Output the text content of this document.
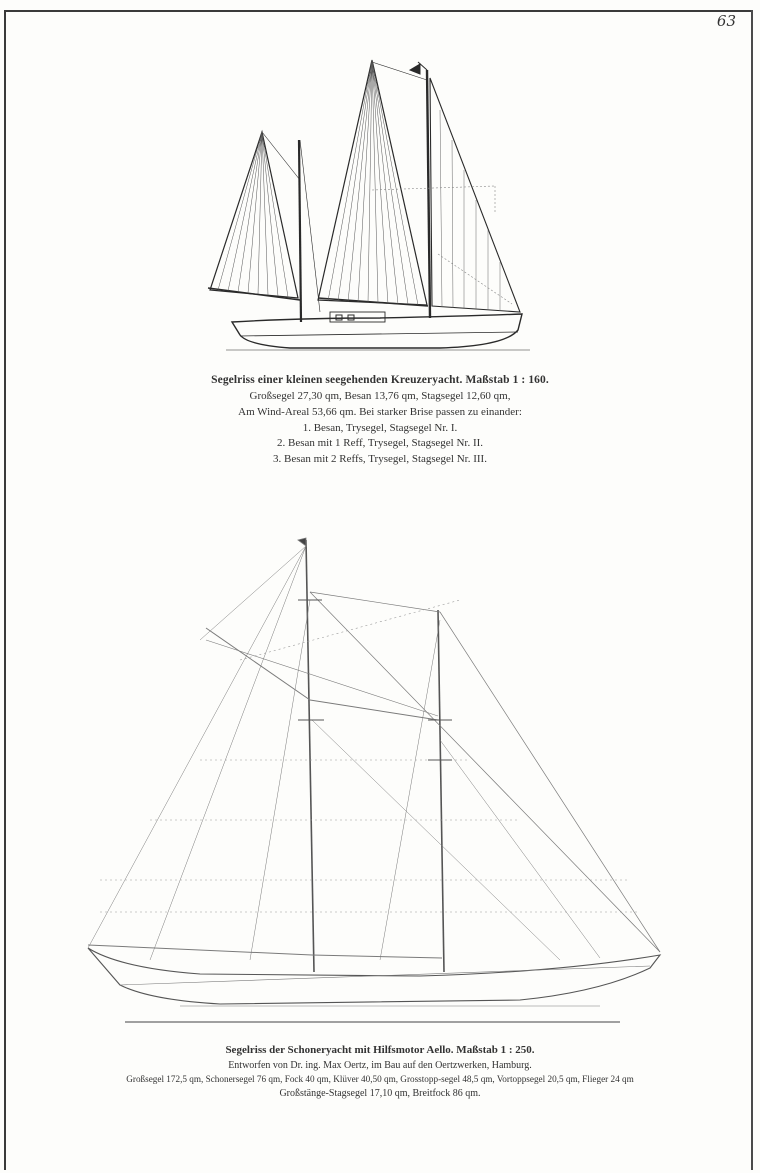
63
Segelriss einer kleinen seegehenden Kreuzeryacht. Maßstab 1 : 160.
Großsegel 27,30 qm, Besan 13,76 qm, Stagsegel 12,60 qm,
Am Wind-Areal 53,66 qm. Bei starker Brise passen zu einander:
1. Besan, Trysegel, Stagsegel Nr. I.
2. Besan mit 1 Reff, Trysegel, Stagsegel Nr. II.
3. Besan mit 2 Reffs, Trysegel, Stagsegel Nr. III.
Segelriss der Schoneryacht mit Hilfsmotor Aello. Maßstab 1 : 250.
Entworfen von Dr. ing. Max Oertz, im Bau auf den Oertzwerken, Hamburg.
Großsegel 172,5 qm, Schonersegel 76 qm, Fock 40 qm, Klüver 40,50 qm, Grosstopp-segel 48,5 qm, Vortoppsegel 20,5 qm, Flieger 24 qm
Großstänge-Stagsegel 17,10 qm, Breitfock 86 qm.
